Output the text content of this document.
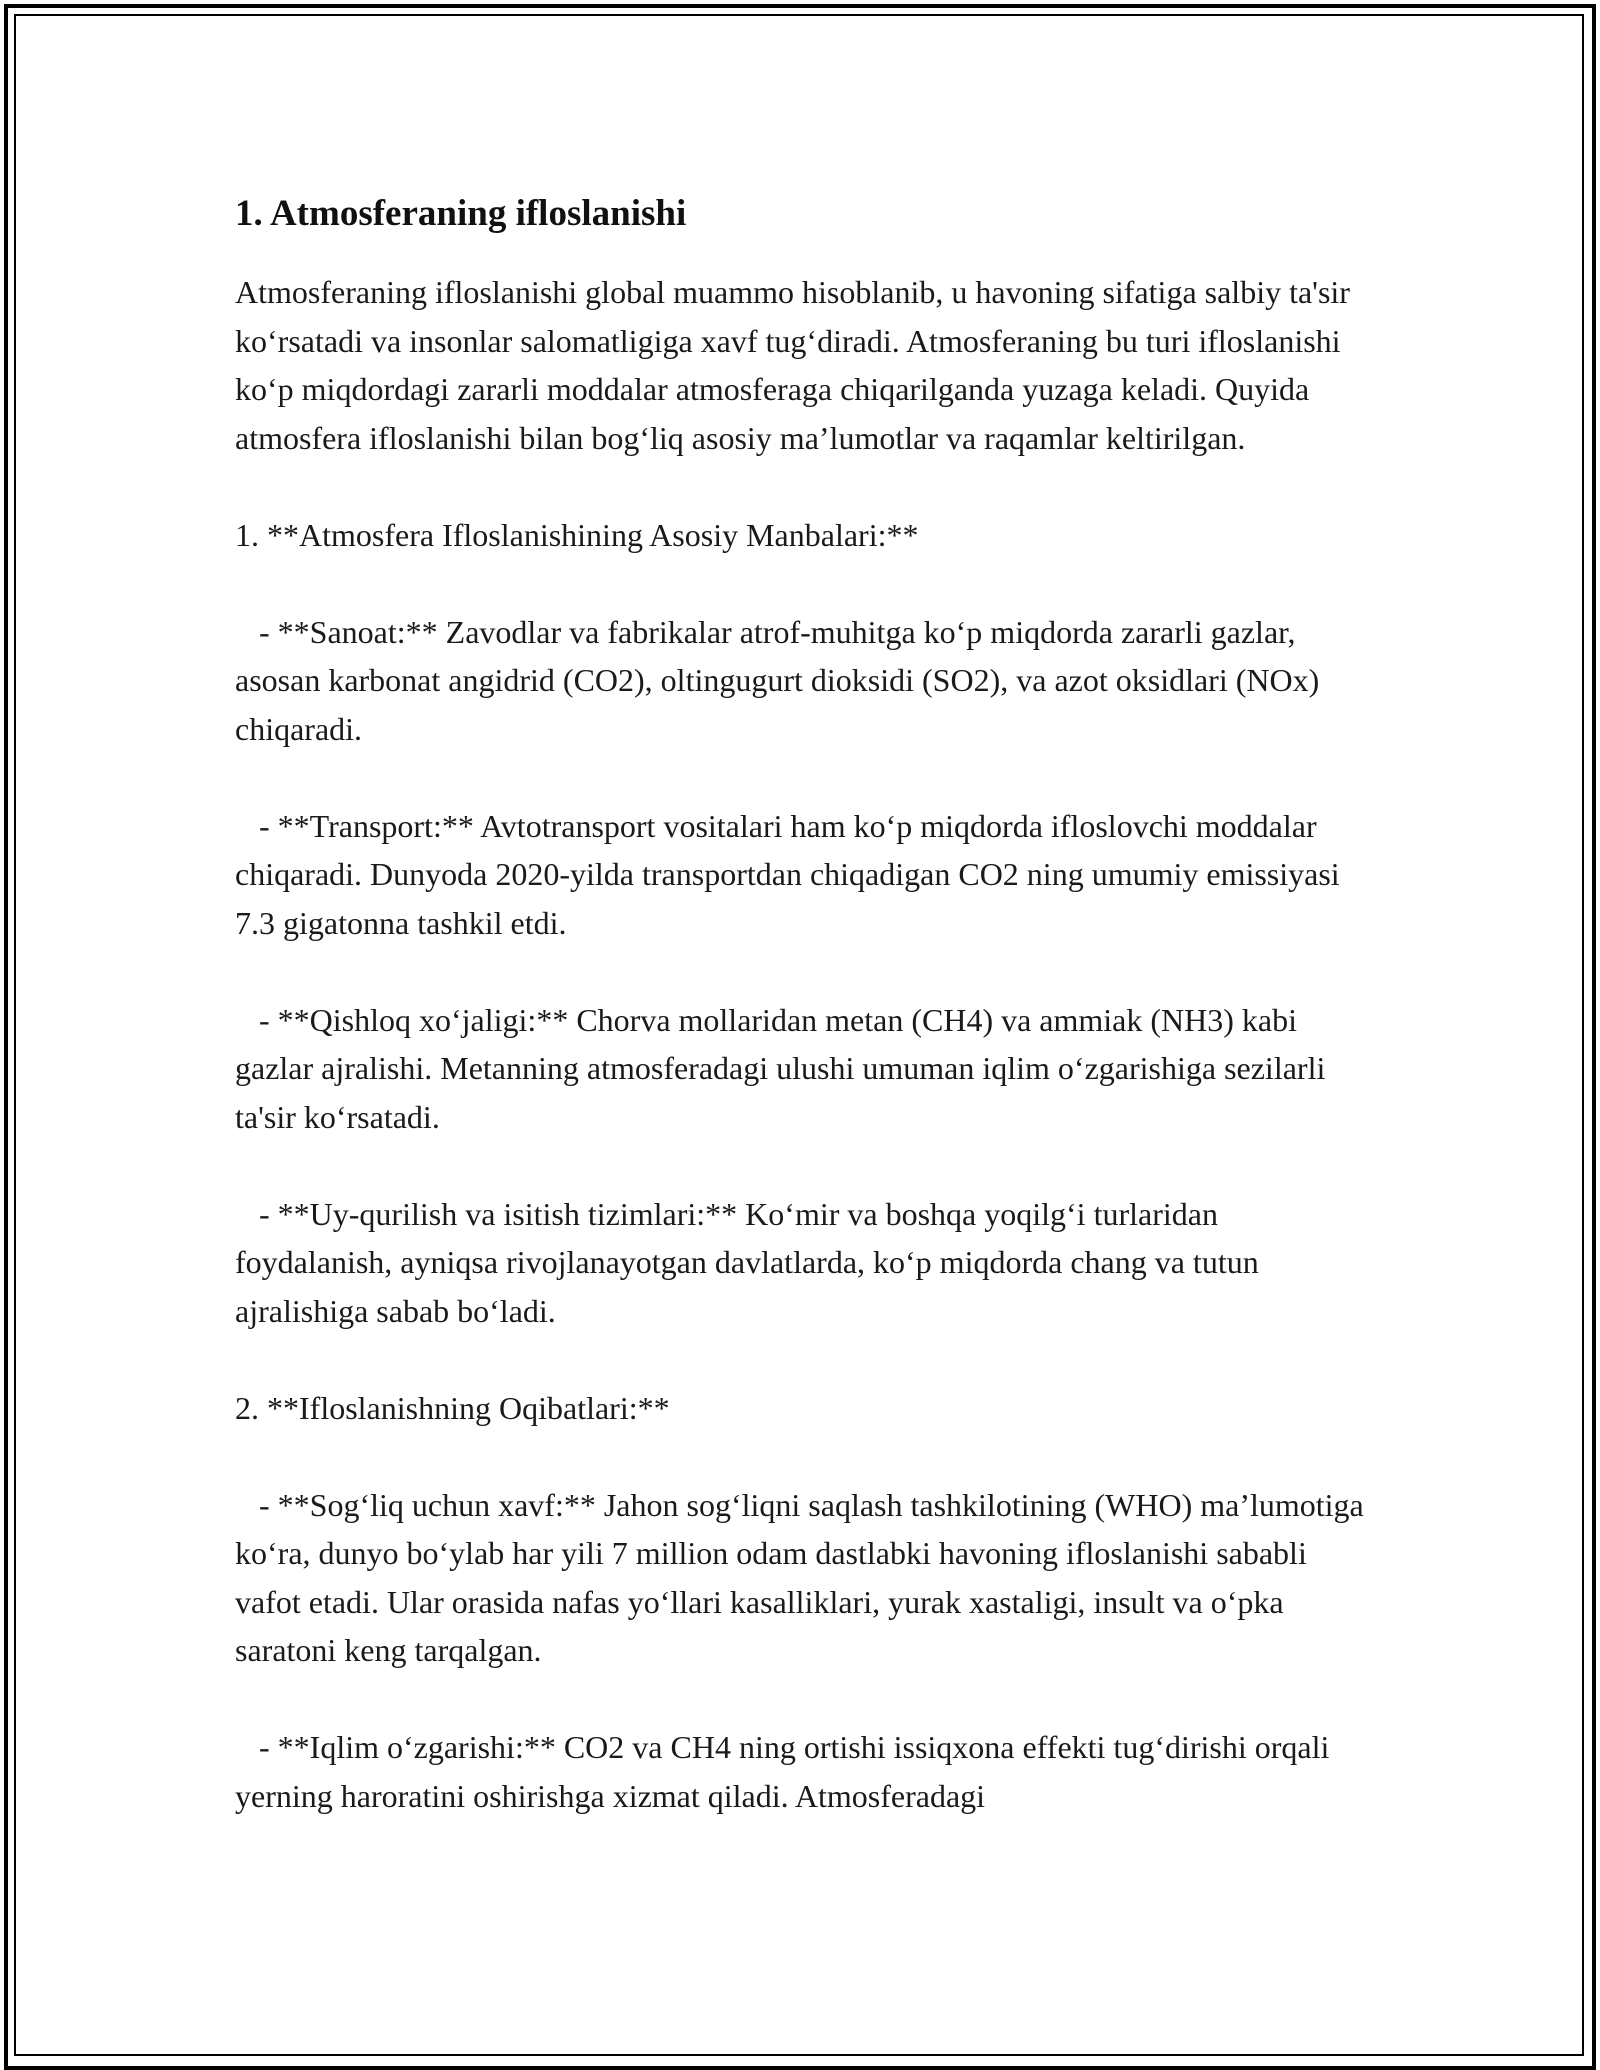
1. Atmosferaning ifloslanishi

Atmosferaning ifloslanishi global muammo hisoblanib, u havoning sifatiga salbiy ta'sir ko‘rsatadi va insonlar salomatligiga xavf tug‘diradi. Atmosferaning bu turi ifloslanishi ko‘p miqdordagi zararli moddalar atmosferaga chiqarilganda yuzaga keladi. Quyida atmosfera ifloslanishi bilan bog‘liq asosiy ma’lumotlar va raqamlar keltirilgan.

1. **Atmosfera Ifloslanishining Asosiy Manbalari:**

- **Sanoat:** Zavodlar va fabrikalar atrof-muhitga ko‘p miqdorda zararli gazlar, asosan karbonat angidrid (CO2), oltingugurt dioksidi (SO2), va azot oksidlari (NOx) chiqaradi.

- **Transport:** Avtotransport vositalari ham ko‘p miqdorda ifloslovchi moddalar chiqaradi. Dunyoda 2020-yilda transportdan chiqadigan CO2 ning umumiy emissiyasi 7.3 gigatonna tashkil etdi.

- **Qishloq xo‘jaligi:** Chorva mollaridan metan (CH4) va ammiak (NH3) kabi gazlar ajralishi. Metanning atmosferadagi ulushi umuman iqlim o‘zgarishiga sezilarli ta'sir ko‘rsatadi.

- **Uy-qurilish va isitish tizimlari:** Ko‘mir va boshqa yoqilg‘i turlaridan foydalanish, ayniqsa rivojlanayotgan davlatlarda, ko‘p miqdorda chang va tutun ajralishiga sabab bo‘ladi.

2. **Ifloslanishning Oqibatlari:**

- **Sog‘liq uchun xavf:** Jahon sog‘liqni saqlash tashkilotining (WHO) ma’lumotiga ko‘ra, dunyo bo‘ylab har yili 7 million odam dastlabki havoning ifloslanishi sababli vafot etadi. Ular orasida nafas yo‘llari kasalliklari, yurak xastaligi, insult va o‘pka saratoni keng tarqalgan.

- **Iqlim o‘zgarishi:** CO2 va CH4 ning ortishi issiqxona effekti tug‘dirishi orqali yerning haroratini oshirishga xizmat qiladi. Atmosferadagi
